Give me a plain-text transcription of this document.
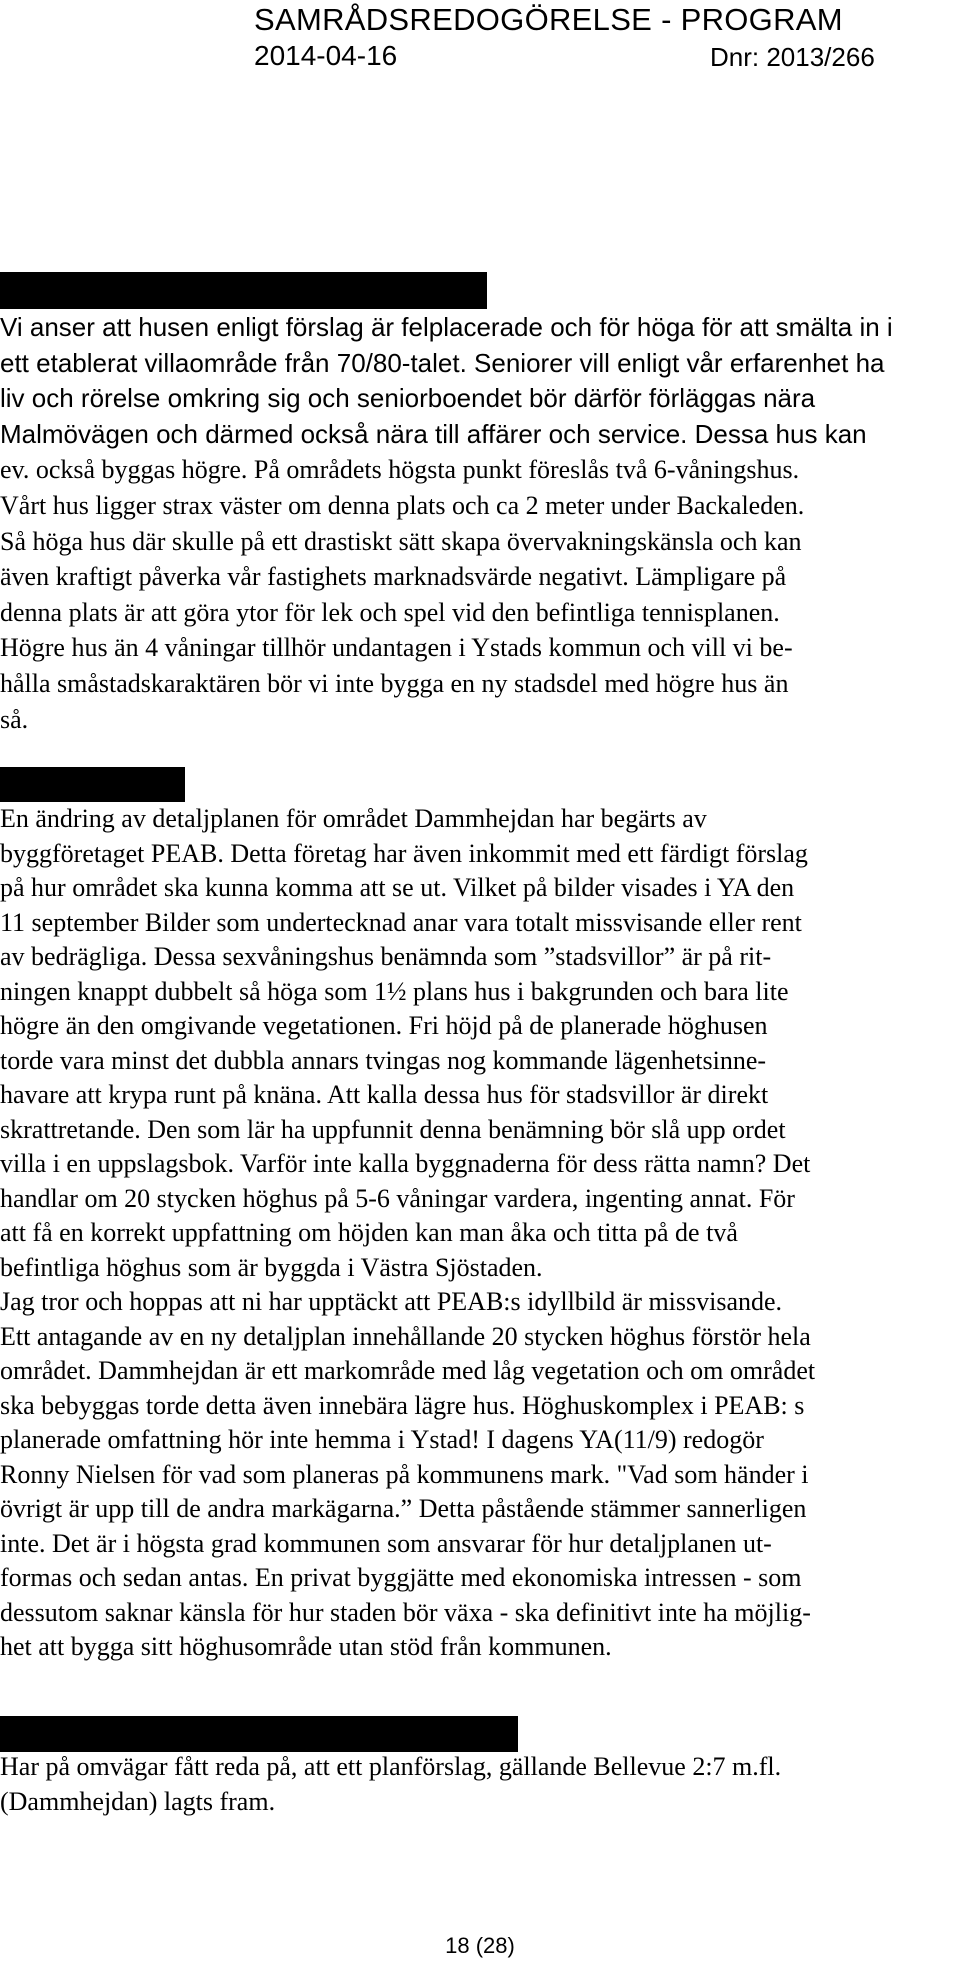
SAMRÅDSREDOGÖRELSE - PROGRAM
2014-04-16	Dnr: 2013/266
Vi anser att husen enligt förslag är felplacerade och för höga för att smälta in i
ett etablerat villaområde från 70/80-talet. Seniorer vill enligt vår erfarenhet ha
liv och rörelse omkring sig och seniorboendet bör därför förläggas nära
Malmövägen och därmed också nära till affärer och service. Dessa hus kan
ev. också byggas högre. På områdets högsta punkt föreslås två 6-våningshus.
Vårt hus ligger strax väster om denna plats och ca 2 meter under Backaleden.
Så höga hus där skulle på ett drastiskt sätt skapa övervakningskänsla och kan
även kraftigt påverka vår fastighets marknadsvärde negativt. Lämpligare på
denna plats är att göra ytor för lek och spel vid den befintliga tennisplanen.
Högre hus än 4 våningar tillhör undantagen i Ystads kommun och vill vi be-
hålla småstadskaraktären bör vi inte bygga en ny stadsdel med högre hus än
så.
En ändring av detaljplanen för området Dammhejdan har begärts av
byggföretaget PEAB. Detta företag har även inkommit med ett färdigt förslag
på hur området ska kunna komma att se ut. Vilket på bilder visades i YA den
11 september Bilder som undertecknad anar vara totalt missvisande eller rent
av bedrägliga. Dessa sexvåningshus benämnda som ”stadsvillor” är på rit-
ningen knappt dubbelt så höga som 1½ plans hus i bakgrunden och bara lite
högre än den omgivande vegetationen. Fri höjd på de planerade höghusen
torde vara minst det dubbla annars tvingas nog kommande lägenhetsinne-
havare att krypa runt på knäna. Att kalla dessa hus för stadsvillor är direkt
skrattretande. Den som lär ha uppfunnit denna benämning bör slå upp ordet
villa i en uppslagsbok. Varför inte kalla byggnaderna för dess rätta namn? Det
handlar om 20 stycken höghus på 5-6 våningar vardera, ingenting annat. För
att få en korrekt uppfattning om höjden kan man åka och titta på de två
befintliga höghus som är byggda i Västra Sjöstaden.
Jag tror och hoppas att ni har upptäckt att PEAB:s idyllbild är missvisande.
Ett antagande av en ny detaljplan innehållande 20 stycken höghus förstör hela
området. Dammhejdan är ett markområde med låg vegetation och om området
ska bebyggas torde detta även innebära lägre hus. Höghuskomplex i PEAB: s
planerade omfattning hör inte hemma i Ystad! I dagens YA(11/9) redogör
Ronny Nielsen för vad som planeras på kommunens mark. "Vad som händer i
övrigt är upp till de andra markägarna.” Detta påstående stämmer sannerligen
inte. Det är i högsta grad kommunen som ansvarar för hur detaljplanen ut-
formas och sedan antas. En privat byggjätte med ekonomiska intressen - som
dessutom saknar känsla för hur staden bör växa - ska definitivt inte ha möjlig-
het att bygga sitt höghusområde utan stöd från kommunen.
Har på omvägar fått reda på, att ett planförslag, gällande Bellevue 2:7 m.fl.
(Dammhejdan) lagts fram.
18 (28)
